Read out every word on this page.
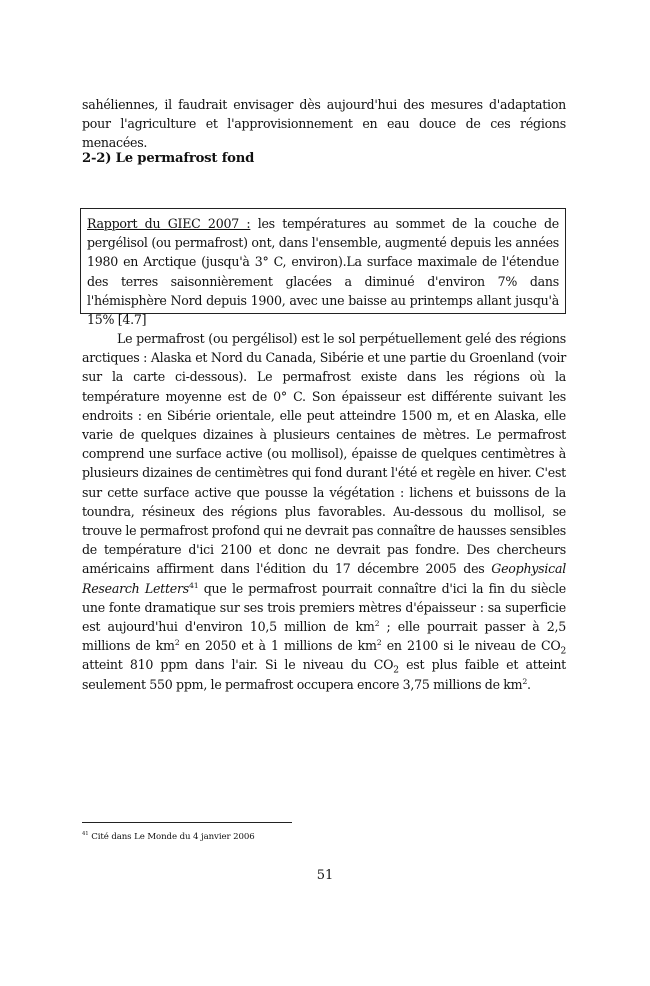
sahéliennes, il faudrait envisager dès aujourd'hui des mesures d'adaptation pour l'agriculture et l'approvisionnement en eau douce de ces régions menacées.

2-2) Le permafrost fond

Rapport du GIEC 2007 : les températures au sommet de la couche de pergélisol (ou permafrost) ont, dans l'ensemble, augmenté depuis les années 1980 en Arctique (jusqu'à 3° C, environ).La surface maximale de l'étendue des terres saisonnièrement glacées a diminué d'environ 7% dans l'hémisphère Nord depuis 1900, avec une baisse au printemps allant jusqu'à 15% [4.7]

Le permafrost (ou pergélisol) est le sol perpétuellement gelé des régions arctiques : Alaska et Nord du Canada, Sibérie et une partie du Groenland (voir sur la carte ci-dessous). Le permafrost existe dans les régions où la température moyenne est de 0° C. Son épaisseur est différente suivant les endroits : en Sibérie orientale, elle peut atteindre 1500 m, et en Alaska, elle varie de quelques dizaines à plusieurs centaines de mètres. Le permafrost comprend une surface active (ou mollisol), épaisse de quelques centimètres à plusieurs dizaines de centimètres qui fond durant l'été et regèle en hiver. C'est sur cette surface active que pousse la végétation : lichens et buissons de la toundra, résineux des régions plus favorables. Au-dessous du mollisol, se trouve le permafrost profond qui ne devrait pas connaître de hausses sensibles de température d'ici 2100 et donc ne devrait pas fondre. Des chercheurs américains affirment dans l'édition du 17 décembre 2005 des Geophysical Research Letters$^{41}$ que le permafrost pourrait connaître d'ici la fin du siècle une fonte dramatique sur ses trois premiers mètres d'épaisseur : sa superficie est aujourd'hui d'environ 10,5 million de $km^2$ ; elle pourrait passer à 2,5 millions de $km^2$ en 2050 et à 1 millions de $km^2$ en 2100 si le niveau de $CO_2$ atteint 810 ppm dans l'air. Si le niveau du $CO_2$ est plus faible et atteint seulement 550 ppm, le permafrost occupera encore 3,75 millions de $km^2$.

$^{41}$ Cité dans Le Monde du 4 janvier 2006

51
